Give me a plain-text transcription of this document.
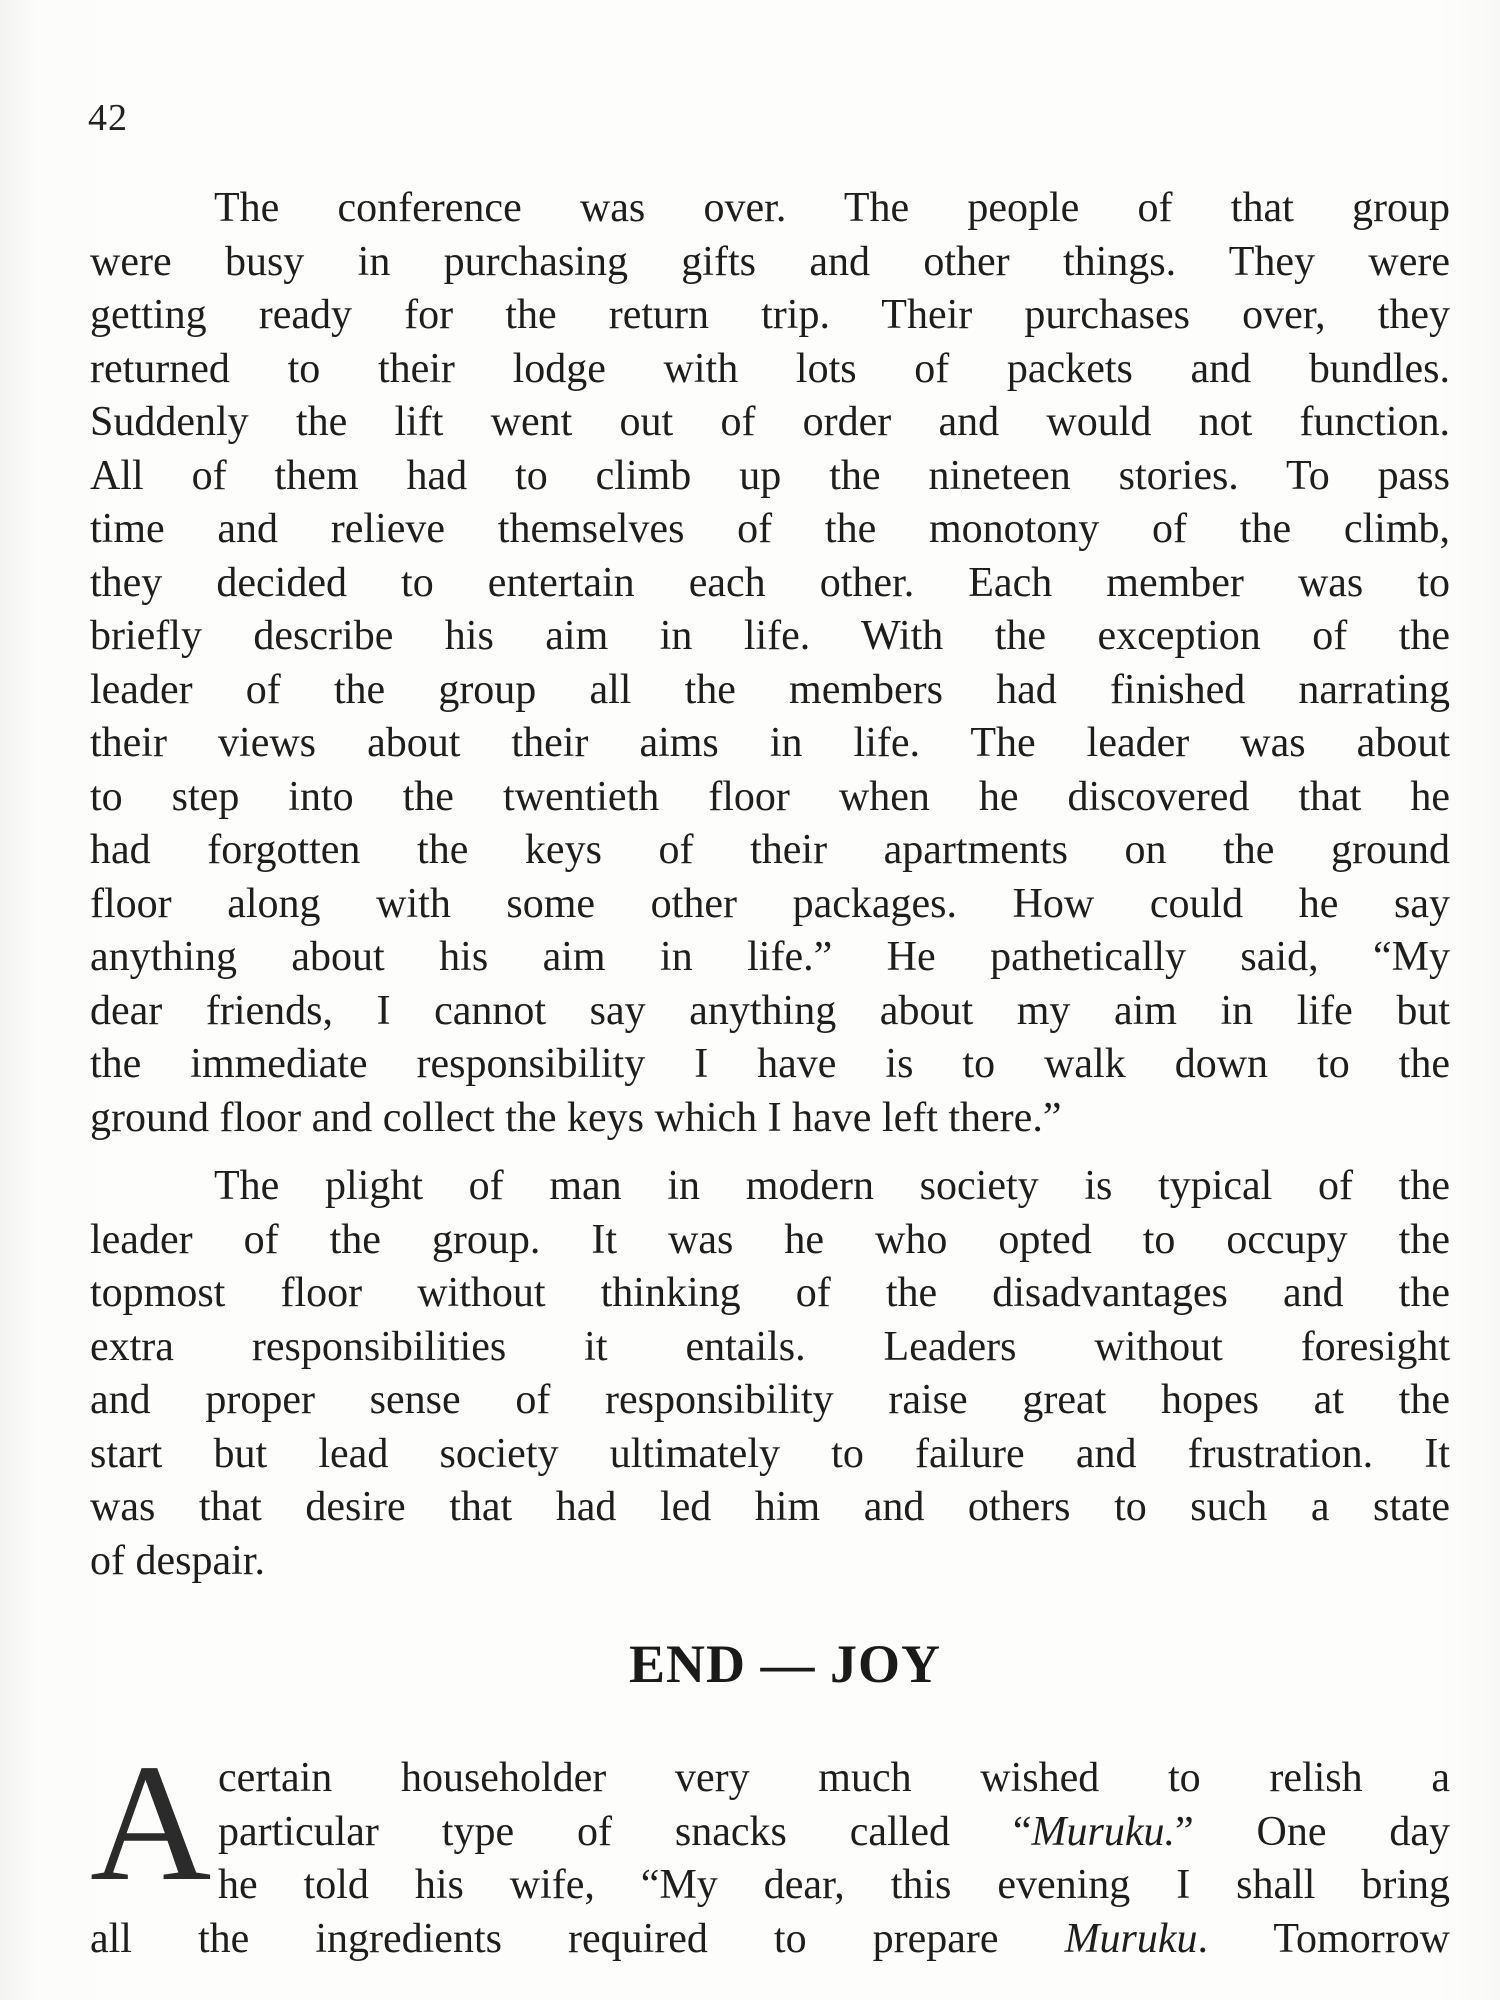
42
The conference was over. The people of that group
were busy in purchasing gifts and other things. They were
getting ready for the return trip. Their purchases over, they
returned to their lodge with lots of packets and bundles.
Suddenly the lift went out of order and would not function.
All of them had to climb up the nineteen stories. To pass
time and relieve themselves of the monotony of the climb,
they decided to entertain each other. Each member was to
briefly describe his aim in life. With the exception of the
leader of the group all the members had finished narrating
their views about their aims in life. The leader was about
to step into the twentieth floor when he discovered that he
had forgotten the keys of their apartments on the ground
floor along with some other packages. How could he say
anything about his aim in life.” He pathetically said, “My
dear friends, I cannot say anything about my aim in life but
the immediate responsibility I have is to walk down to the
ground floor and collect the keys which I have left there.”
The plight of man in modern society is typical of the
leader of the group. It was he who opted to occupy the
topmost floor without thinking of the disadvantages and the
extra responsibilities it entails. Leaders without foresight
and proper sense of responsibility raise great hopes at the
start but lead society ultimately to failure and frustration. It
was that desire that had led him and others to such a state
of despair.
END — JOY
A certain householder very much wished to relish a
particular type of snacks called “Muruku.” One day
he told his wife, “My dear, this evening I shall bring
all the ingredients required to prepare Muruku. Tomorrow
